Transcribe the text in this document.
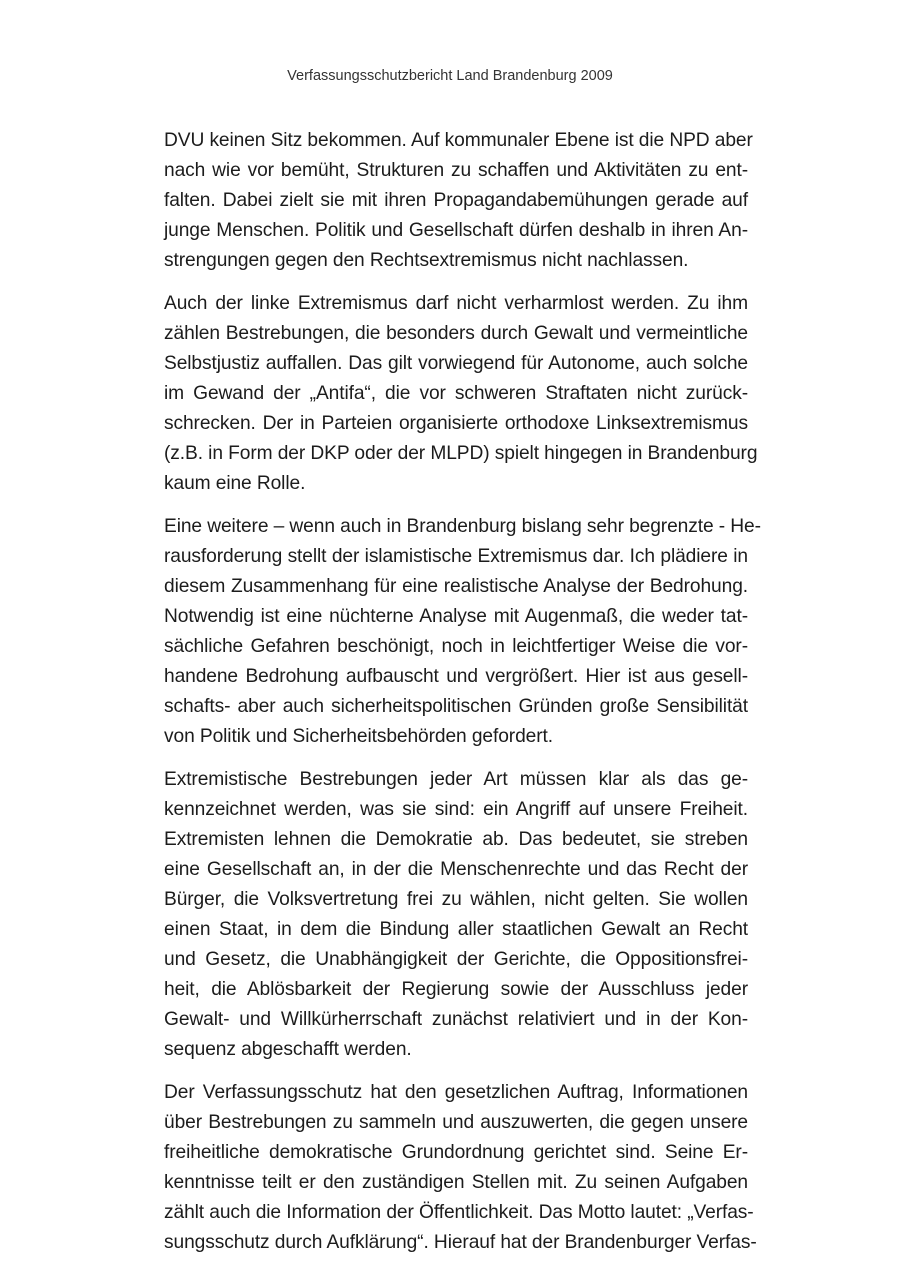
Verfassungsschutzbericht Land Brandenburg 2009
DVU keinen Sitz bekommen. Auf kommunaler Ebene ist die NPD aber
nach wie vor bemüht, Strukturen zu schaffen und Aktivitäten zu ent-
falten. Dabei zielt sie mit ihren Propagandabemühungen gerade auf
junge Menschen. Politik und Gesellschaft dürfen deshalb in ihren An-
strengungen gegen den Rechtsextremismus nicht nachlassen.
Auch der linke Extremismus darf nicht verharmlost werden. Zu ihm
zählen Bestrebungen, die besonders durch Gewalt und vermeintliche
Selbstjustiz auffallen. Das gilt vorwiegend für Autonome, auch solche
im Gewand der „Antifa“, die vor schweren Straftaten nicht zurück-
schrecken. Der in Parteien organisierte orthodoxe Linksextremismus
(z.B. in Form der DKP oder der MLPD) spielt hingegen in Brandenburg
kaum eine Rolle.
Eine weitere – wenn auch in Brandenburg bislang sehr begrenzte - He-
rausforderung stellt der islamistische Extremismus dar. Ich plädiere in
diesem Zusammenhang für eine realistische Analyse der Bedrohung.
Notwendig ist eine nüchterne Analyse mit Augenmaß, die weder tat-
sächliche Gefahren beschönigt, noch in leichtfertiger Weise die vor-
handene Bedrohung aufbauscht und vergrößert. Hier ist aus gesell-
schafts- aber auch sicherheitspolitischen Gründen große Sensibilität
von Politik und Sicherheitsbehörden gefordert.
Extremistische Bestrebungen jeder Art müssen klar als das ge-
kennzeichnet werden, was sie sind: ein Angriff auf unsere Freiheit.
Extremisten lehnen die Demokratie ab. Das bedeutet, sie streben
eine Gesellschaft an, in der die Menschenrechte und das Recht der
Bürger, die Volksvertretung frei zu wählen, nicht gelten. Sie wollen
einen Staat, in dem die Bindung aller staatlichen Gewalt an Recht
und Gesetz, die Unabhängigkeit der Gerichte, die Oppositionsfrei-
heit, die Ablösbarkeit der Regierung sowie der Ausschluss jeder
Gewalt- und Willkürherrschaft zunächst relativiert und in der Kon-
sequenz abgeschafft werden.
Der Verfassungsschutz hat den gesetzlichen Auftrag, Informationen
über Bestrebungen zu sammeln und auszuwerten, die gegen unsere
freiheitliche demokratische Grundordnung gerichtet sind. Seine Er-
kenntnisse teilt er den zuständigen Stellen mit. Zu seinen Aufgaben
zählt auch die Information der Öffentlichkeit. Das Motto lautet: „Verfas-
sungsschutz durch Aufklärung“. Hierauf hat der Brandenburger Verfas-
